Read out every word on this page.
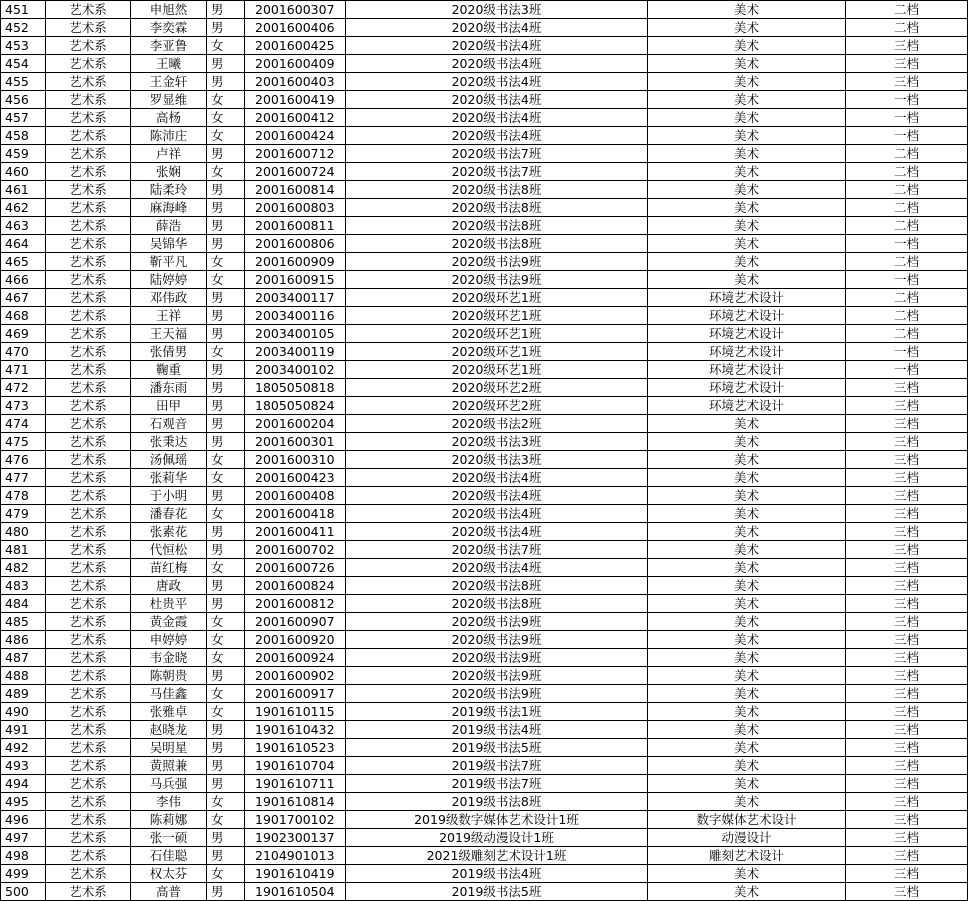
451	艺术系	申旭然	男	2001600307	2020级书法3班	美术	二档
452	艺术系	李奕霖	男	2001600406	2020级书法4班	美术	二档
453	艺术系	李亚鲁	女	2001600425	2020级书法4班	美术	三档
454	艺术系	王曦	男	2001600409	2020级书法4班	美术	三档
455	艺术系	王金轩	男	2001600403	2020级书法4班	美术	三档
456	艺术系	罗显维	女	2001600419	2020级书法4班	美术	一档
457	艺术系	高杨	女	2001600412	2020级书法4班	美术	一档
458	艺术系	陈沛庄	女	2001600424	2020级书法4班	美术	一档
459	艺术系	卢祥	男	2001600712	2020级书法7班	美术	二档
460	艺术系	张娴	女	2001600724	2020级书法7班	美术	二档
461	艺术系	陆柔玲	男	2001600814	2020级书法8班	美术	二档
462	艺术系	麻海峰	男	2001600803	2020级书法8班	美术	二档
463	艺术系	薛浩	男	2001600811	2020级书法8班	美术	二档
464	艺术系	吴锦华	男	2001600806	2020级书法8班	美术	一档
465	艺术系	靳平凡	女	2001600909	2020级书法9班	美术	二档
466	艺术系	陆婷婷	女	2001600915	2020级书法9班	美术	一档
467	艺术系	邓伟政	男	2003400117	2020级环艺1班	环境艺术设计	二档
468	艺术系	王祥	男	2003400116	2020级环艺1班	环境艺术设计	二档
469	艺术系	王天福	男	2003400105	2020级环艺1班	环境艺术设计	二档
470	艺术系	张倩男	女	2003400119	2020级环艺1班	环境艺术设计	一档
471	艺术系	鞠重	男	2003400102	2020级环艺1班	环境艺术设计	一档
472	艺术系	潘东雨	男	1805050818	2020级环艺2班	环境艺术设计	三档
473	艺术系	田甲	男	1805050824	2020级环艺2班	环境艺术设计	三档
474	艺术系	石观音	男	2001600204	2020级书法2班	美术	三档
475	艺术系	张秉达	男	2001600301	2020级书法3班	美术	三档
476	艺术系	汤佩瑶	女	2001600310	2020级书法3班	美术	三档
477	艺术系	张莉华	女	2001600423	2020级书法4班	美术	三档
478	艺术系	于小明	男	2001600408	2020级书法4班	美术	三档
479	艺术系	潘春花	女	2001600418	2020级书法4班	美术	三档
480	艺术系	张素花	男	2001600411	2020级书法4班	美术	三档
481	艺术系	代恒松	男	2001600702	2020级书法7班	美术	三档
482	艺术系	苗红梅	女	2001600726	2020级书法4班	美术	三档
483	艺术系	唐政	男	2001600824	2020级书法8班	美术	三档
484	艺术系	杜贵平	男	2001600812	2020级书法8班	美术	三档
485	艺术系	黄金霞	女	2001600907	2020级书法9班	美术	三档
486	艺术系	申婷婷	女	2001600920	2020级书法9班	美术	三档
487	艺术系	韦金晓	女	2001600924	2020级书法9班	美术	三档
488	艺术系	陈朝贵	男	2001600902	2020级书法9班	美术	三档
489	艺术系	马佳鑫	女	2001600917	2020级书法9班	美术	三档
490	艺术系	张雅卓	女	1901610115	2019级书法1班	美术	三档
491	艺术系	赵晓龙	男	1901610432	2019级书法4班	美术	三档
492	艺术系	吴明星	男	1901610523	2019级书法5班	美术	三档
493	艺术系	黄照兼	男	1901610704	2019级书法7班	美术	三档
494	艺术系	马兵强	男	1901610711	2019级书法7班	美术	三档
495	艺术系	李伟	女	1901610814	2019级书法8班	美术	三档
496	艺术系	陈莉娜	女	1901700102	2019级数字媒体艺术设计1班	数字媒体艺术设计	三档
497	艺术系	张一硕	男	1902300137	2019级动漫设计1班	动漫设计	三档
498	艺术系	石佳聪	男	2104901013	2021级雕刻艺术设计1班	雕刻艺术设计	三档
499	艺术系	权太芬	女	1901610419	2019级书法4班	美术	三档
500	艺术系	高普	男	1901610504	2019级书法5班	美术	三档
